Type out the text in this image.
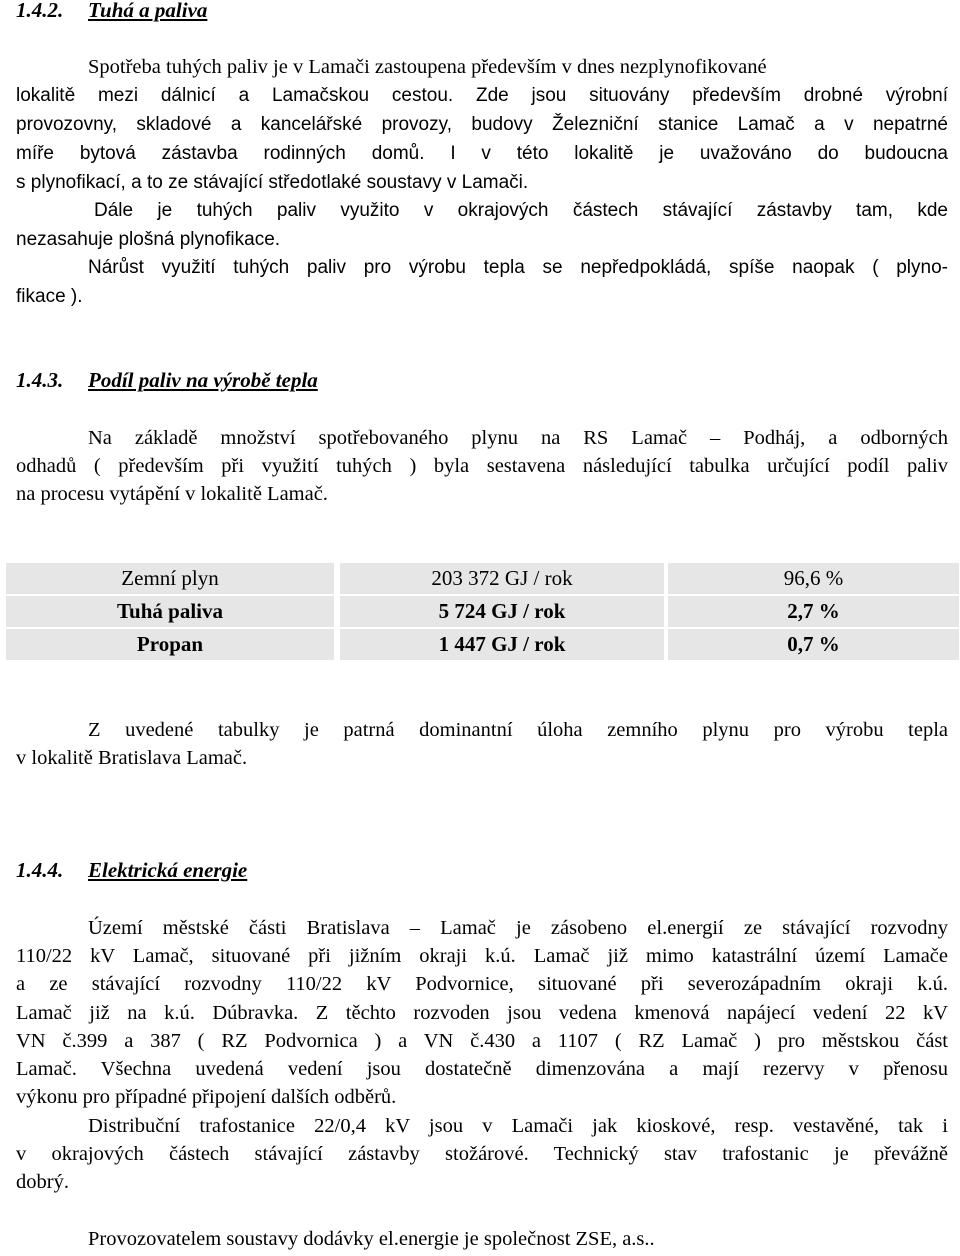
1.4.2. Tuhá a paliva
Spotřeba tuhých paliv je v Lamači zastoupena především v dnes nezplynofikované
lokalitě mezi dálnicí a Lamačskou cestou. Zde jsou situovány především drobné výrobní
provozovny, skladové a kancelářské provozy, budovy Železniční stanice Lamač a v nepatrné
míře bytová zástavba rodinných domů. I v této lokalitě je uvažováno do budoucna
s plynofikací, a to ze stávající středotlaké soustavy v Lamači.
Dále je tuhých paliv využito v okrajových částech stávající zástavby tam, kde
nezasahuje plošná plynofikace.
Nárůst využití tuhých paliv pro výrobu tepla se nepředpokládá, spíše naopak ( plyno-
fikace ).
1.4.3. Podíl paliv na výrobě tepla
Na základě množství spotřebovaného plynu na RS Lamač – Podháj, a odborných
odhadů ( především při využití tuhých ) byla sestavena následující tabulka určující podíl paliv
na procesu vytápění v lokalitě Lamač.
Zemní plyn	203 372 GJ / rok	96,6 %
Tuhá paliva	5 724 GJ / rok	2,7 %
Propan	1 447 GJ / rok	0,7 %
Z uvedené tabulky je patrná dominantní úloha zemního plynu pro výrobu tepla
v lokalitě Bratislava Lamač.
1.4.4. Elektrická energie
Území městské části Bratislava – Lamač je zásobeno el.energií ze stávající rozvodny
110/22 kV Lamač, situované při jižním okraji k.ú. Lamač již mimo katastrální území Lamače
a ze stávající rozvodny 110/22 kV Podvornice, situované při severozápadním okraji k.ú.
Lamač již na k.ú. Dúbravka. Z těchto rozvoden jsou vedena kmenová napájecí vedení 22 kV
VN č.399 a 387 ( RZ Podvornica ) a VN č.430 a 1107 ( RZ Lamač ) pro městskou část
Lamač. Všechna uvedená vedení jsou dostatečně dimenzována a mají rezervy v přenosu
výkonu pro případné připojení dalších odběrů.
Distribuční trafostanice 22/0,4 kV jsou v Lamači jak kioskové, resp. vestavěné, tak i
v okrajových částech stávající zástavby stožárové. Technický stav trafostanic je převážně
dobrý.
Provozovatelem soustavy dodávky el.energie je společnost ZSE, a.s..
